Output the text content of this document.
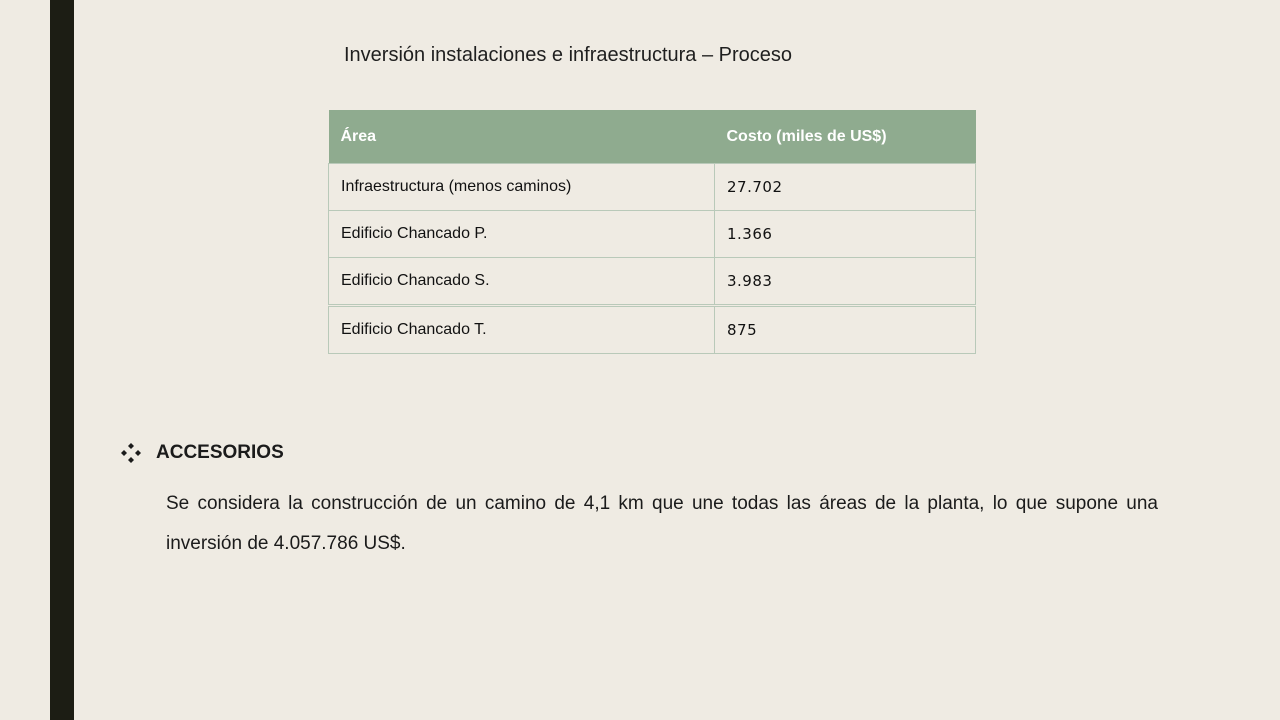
Inversión instalaciones e infraestructura – Proceso
Área	Costo (miles de US$)
Infraestructura (menos caminos)	27.702
Edificio Chancado P.	1.366
Edificio Chancado S.	3.983
Edificio Chancado T.	875
ACCESORIOS
Se considera la construcción de un camino de 4,1 km que une todas las áreas de la planta, lo que supone una inversión de 4.057.786 US$.
